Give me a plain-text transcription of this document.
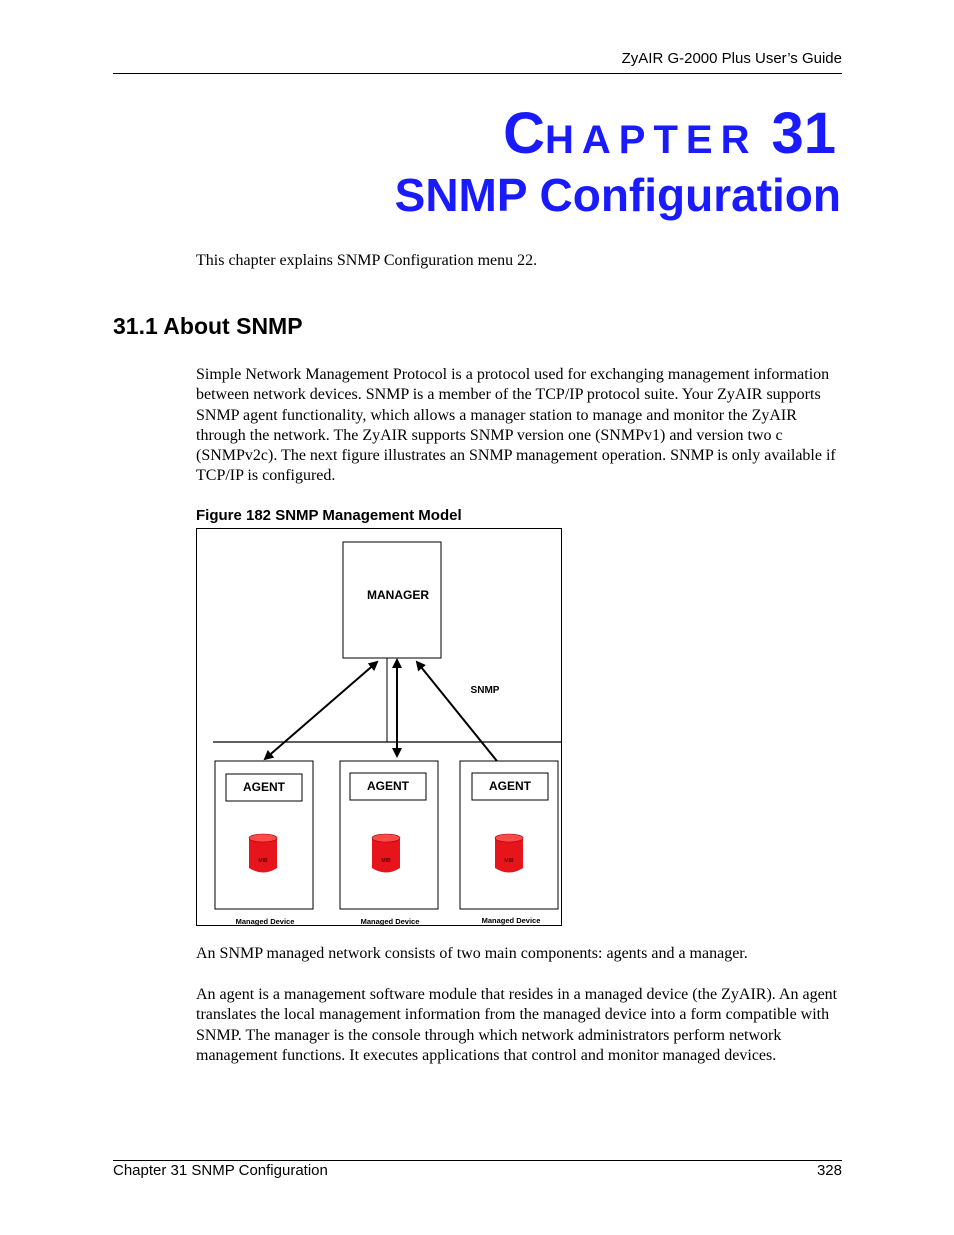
ZyAIR G-2000 Plus User’s Guide
CHAPTER 31
SNMP Configuration
This chapter explains SNMP Configuration menu 22.
31.1 About SNMP
Simple Network Management Protocol is a protocol used for exchanging management information between network devices. SNMP is a member of the TCP/IP protocol suite. Your ZyAIR supports SNMP agent functionality, which allows a manager station to manage and monitor the ZyAIR through the network. The ZyAIR supports SNMP version one (SNMPv1) and version two c (SNMPv2c). The next figure illustrates an SNMP management operation. SNMP is only available if TCP/IP is configured.
Figure 182 SNMP Management Model
MANAGER
SNMP
AGENT
MIB
Managed Device
AGENT
MIB
Managed Device
AGENT
MIB
Managed Device
An SNMP managed network consists of two main components: agents and a manager.
An agent is a management software module that resides in a managed device (the ZyAIR). An agent translates the local management information from the managed device into a form compatible with SNMP. The manager is the console through which network administrators perform network management functions. It executes applications that control and monitor managed devices.
Chapter 31 SNMP Configuration	328
